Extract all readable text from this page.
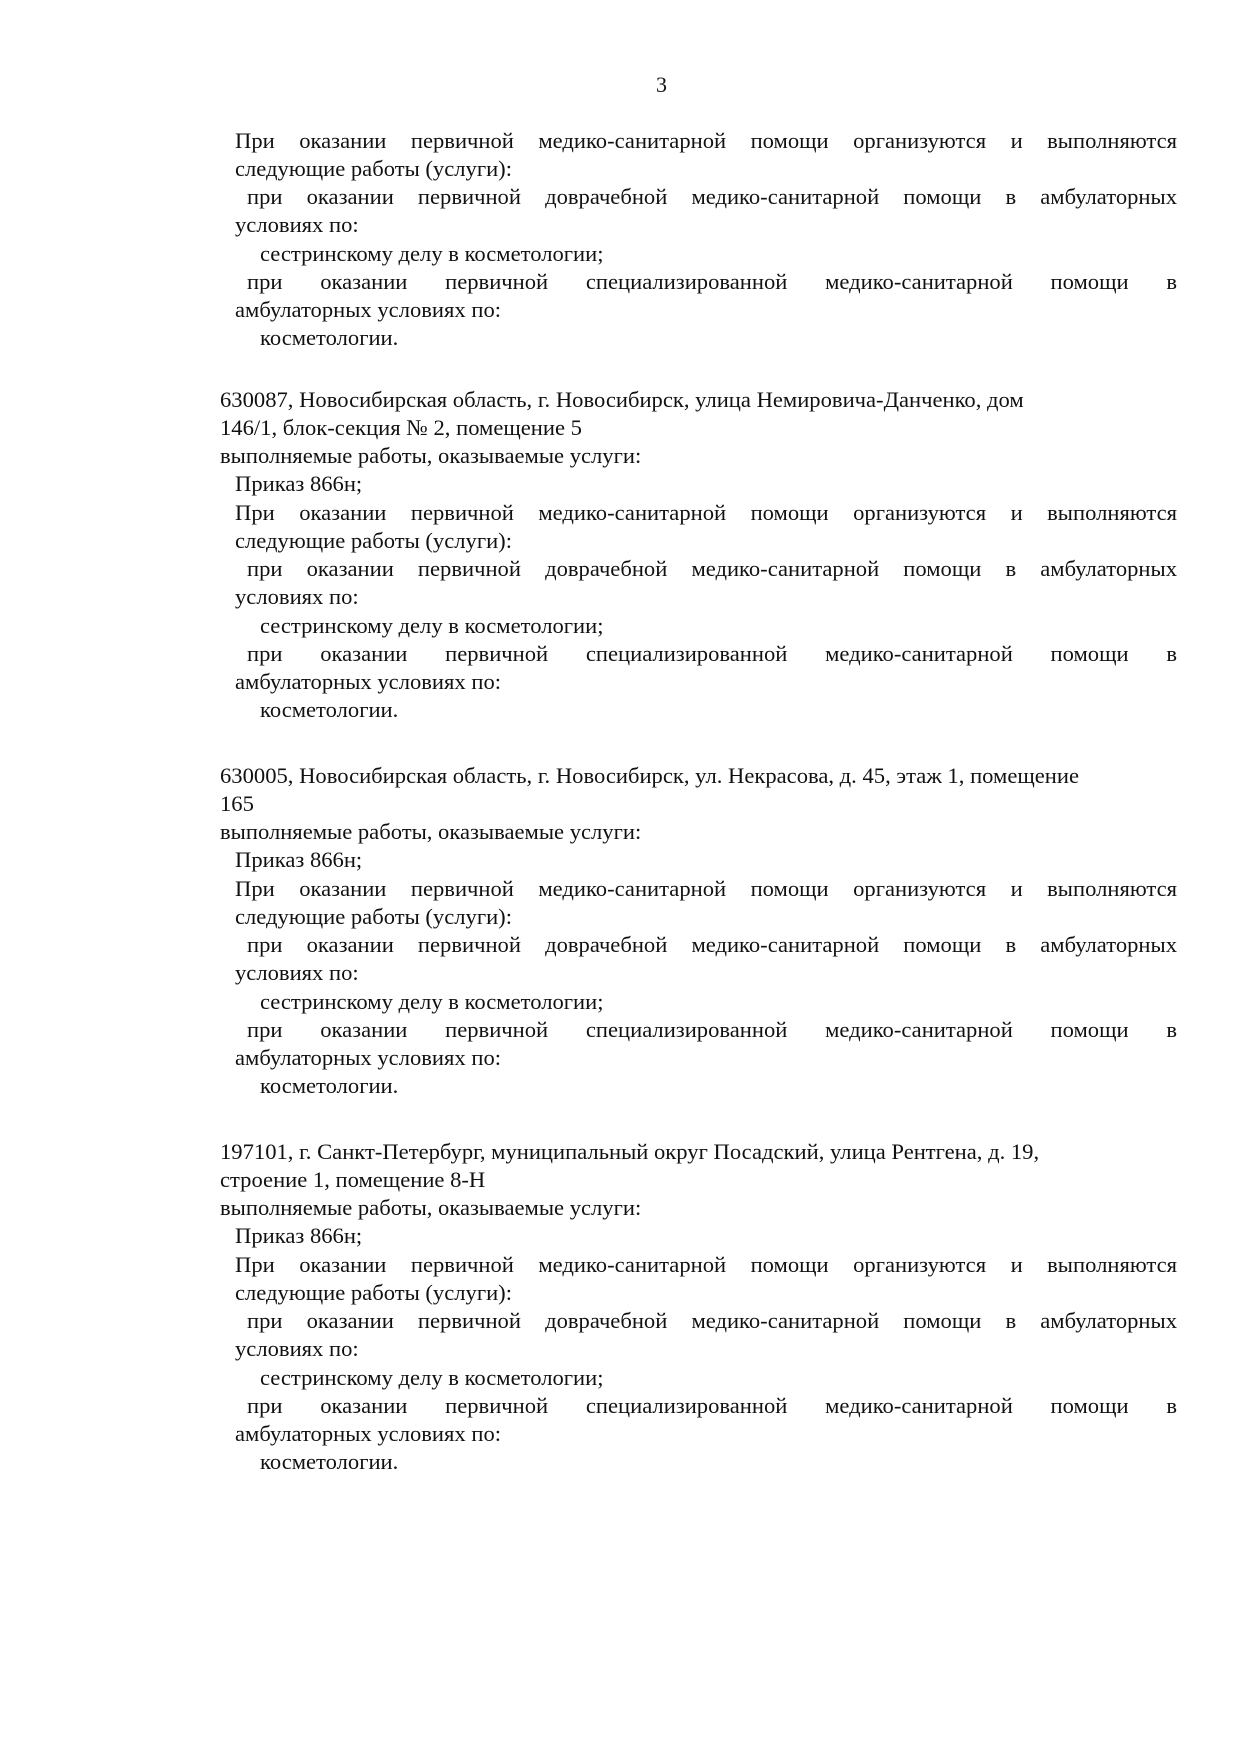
3
При оказании первичной медико-санитарной помощи организуются и выполняются
следующие работы (услуги):
при оказании первичной доврачебной медико-санитарной помощи в амбулаторных
условиях по:
сестринскому делу в косметологии;
при оказании первичной специализированной медико-санитарной помощи в
амбулаторных условиях по:
косметологии.
630087, Новосибирская область, г. Новосибирск, улица Немировича-Данченко, дом
146/1, блок-секция № 2, помещение 5
выполняемые работы, оказываемые услуги:
Приказ 866н;
При оказании первичной медико-санитарной помощи организуются и выполняются
следующие работы (услуги):
при оказании первичной доврачебной медико-санитарной помощи в амбулаторных
условиях по:
сестринскому делу в косметологии;
при оказании первичной специализированной медико-санитарной помощи в
амбулаторных условиях по:
косметологии.
630005, Новосибирская область, г. Новосибирск, ул. Некрасова, д. 45, этаж 1, помещение
165
выполняемые работы, оказываемые услуги:
Приказ 866н;
При оказании первичной медико-санитарной помощи организуются и выполняются
следующие работы (услуги):
при оказании первичной доврачебной медико-санитарной помощи в амбулаторных
условиях по:
сестринскому делу в косметологии;
при оказании первичной специализированной медико-санитарной помощи в
амбулаторных условиях по:
косметологии.
197101, г. Санкт-Петербург, муниципальный округ Посадский, улица Рентгена, д. 19,
строение 1, помещение 8-Н
выполняемые работы, оказываемые услуги:
Приказ 866н;
При оказании первичной медико-санитарной помощи организуются и выполняются
следующие работы (услуги):
при оказании первичной доврачебной медико-санитарной помощи в амбулаторных
условиях по:
сестринскому делу в косметологии;
при оказании первичной специализированной медико-санитарной помощи в
амбулаторных условиях по:
косметологии.
